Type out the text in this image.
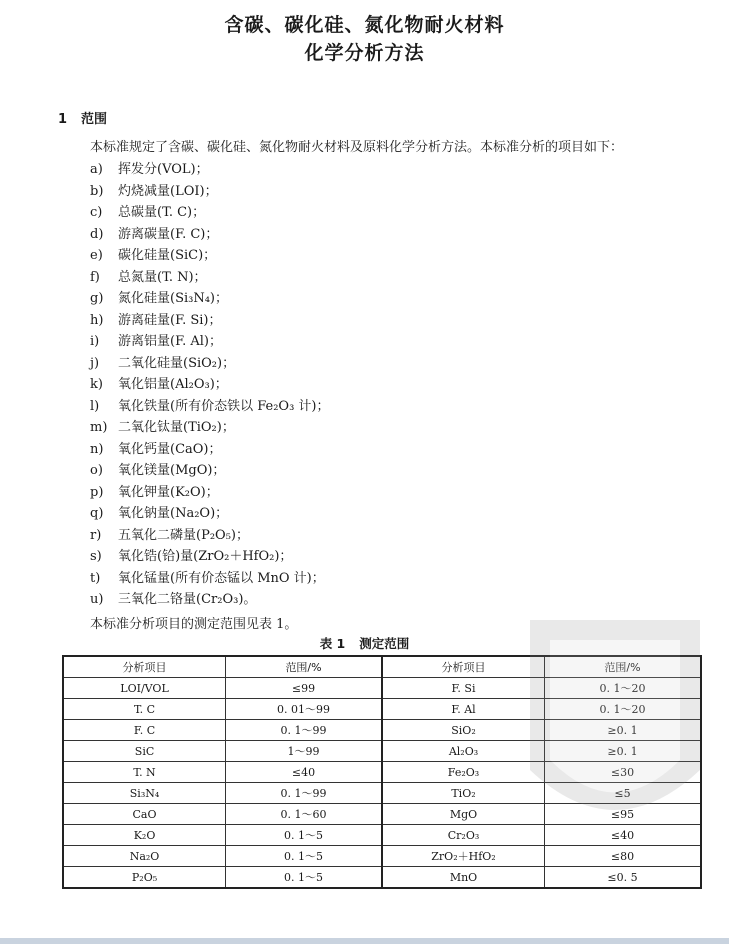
含碳、碳化硅、氮化物耐火材料
化学分析方法
1 范围
本标准规定了含碳、碳化硅、氮化物耐火材料及原料化学分析方法。本标准分析的项目如下：
a) 挥发分(VOL)；
b) 灼烧减量(LOI)；
c) 总碳量(T. C)；
d) 游离碳量(F. C)；
e) 碳化硅量(SiC)；
f) 总氮量(T. N)；
g) 氮化硅量(Si₃N₄)；
h) 游离硅量(F. Si)；
i) 游离铝量(F. Al)；
j) 二氧化硅量(SiO₂)；
k) 氧化铝量(Al₂O₃)；
l) 氧化铁量(所有价态铁以 Fe₂O₃ 计)；
m) 二氧化钛量(TiO₂)；
n) 氧化钙量(CaO)；
o) 氧化镁量(MgO)；
p) 氧化钾量(K₂O)；
q) 氧化钠量(Na₂O)；
r) 五氧化二磷量(P₂O₅)；
s) 氧化锆(铪)量(ZrO₂＋HfO₂)；
t) 氧化锰量(所有价态锰以 MnO 计)；
u) 三氧化二铬量(Cr₂O₃)。
本标准分析项目的测定范围见表 1。
表 1 测定范围
分析项目	范围/%	分析项目	范围/%
LOI/VOL	≤99	F. Si	0. 1～20
T. C	0. 01～99	F. Al	0. 1～20
F. C	0. 1～99	SiO₂	≥0. 1
SiC	1～99	Al₂O₃	≥0. 1
T. N	≤40	Fe₂O₃	≤30
Si₃N₄	0. 1～99	TiO₂	≤5
CaO	0. 1～60	MgO	≤95
K₂O	0. 1～5	Cr₂O₃	≤40
Na₂O	0. 1～5	ZrO₂＋HfO₂	≤80
P₂O₅	0. 1～5	MnO	≤0. 5
